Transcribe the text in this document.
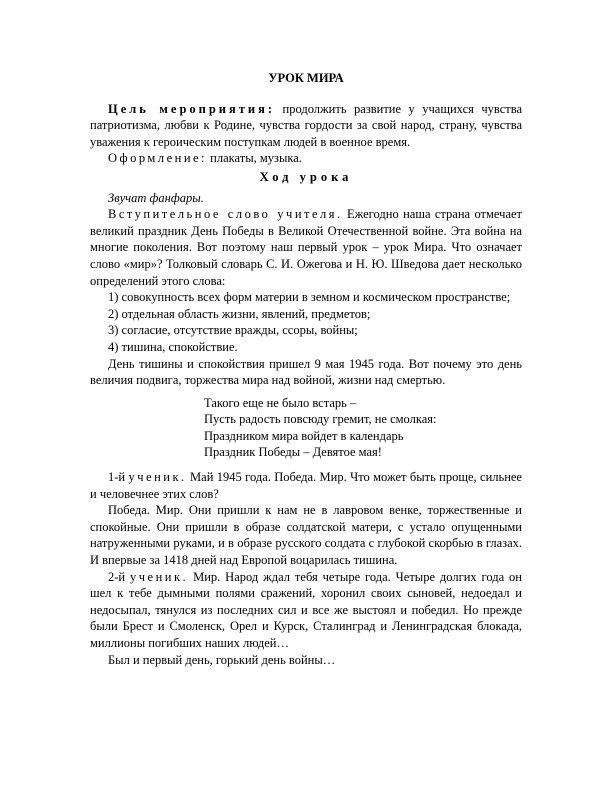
УРОК МИРА

Цель мероприятия: продолжить развитие у учащихся чувства патриотизма, любви к Родине, чувства гордости за свой народ, страну, чувства уважения к героическим поступкам людей в военное время.

Оформление: плакаты, музыка.

Ход урока

Звучат фанфары.

Вступительное слово учителя. Ежегодно наша страна отмечает великий праздник День Победы в Великой Отечественной войне. Эта война на многие поколения. Вот поэтому наш первый урок – урок Мира. Что означает слово «мир»? Толковый словарь С. И. Ожегова и Н. Ю. Шведова дает несколько определений этого слова:

1) совокупность всех форм материи в земном и космическом пространстве;
2) отдельная область жизни, явлений, предметов;
3) согласие, отсутствие вражды, ссоры, войны;
4) тишина, спокойствие.

День тишины и спокойствия пришел 9 мая 1945 года. Вот почему это день величия подвига, торжества мира над войной, жизни над смертью.

Такого еще не было встарь –
Пусть радость повсюду гремит, не смолкая:
Праздником мира войдет в календарь
Праздник Победы – Девятое мая!

1-й ученик. Май 1945 года. Победа. Мир. Что может быть проще, сильнее и человечнее этих слов?

Победа. Мир. Они пришли к нам не в лавровом венке, торжественные и спокойные. Они пришли в образе солдатской матери, с устало опущенными натруженными руками, и в образе русского солдата с глубокой скорбью в глазах. И впервые за 1418 дней над Европой воцарилась тишина.

2-й ученик. Мир. Народ ждал тебя четыре года. Четыре долгих года он шел к тебе дымными полями сражений, хоронил своих сыновей, недоедал и недосыпал, тянулся из последних сил и все же выстоял и победил. Но прежде были Брест и Смоленск, Орел и Курск, Сталинград и Ленинградская блокада, миллионы погибших наших людей…

Был и первый день, горький день войны…
